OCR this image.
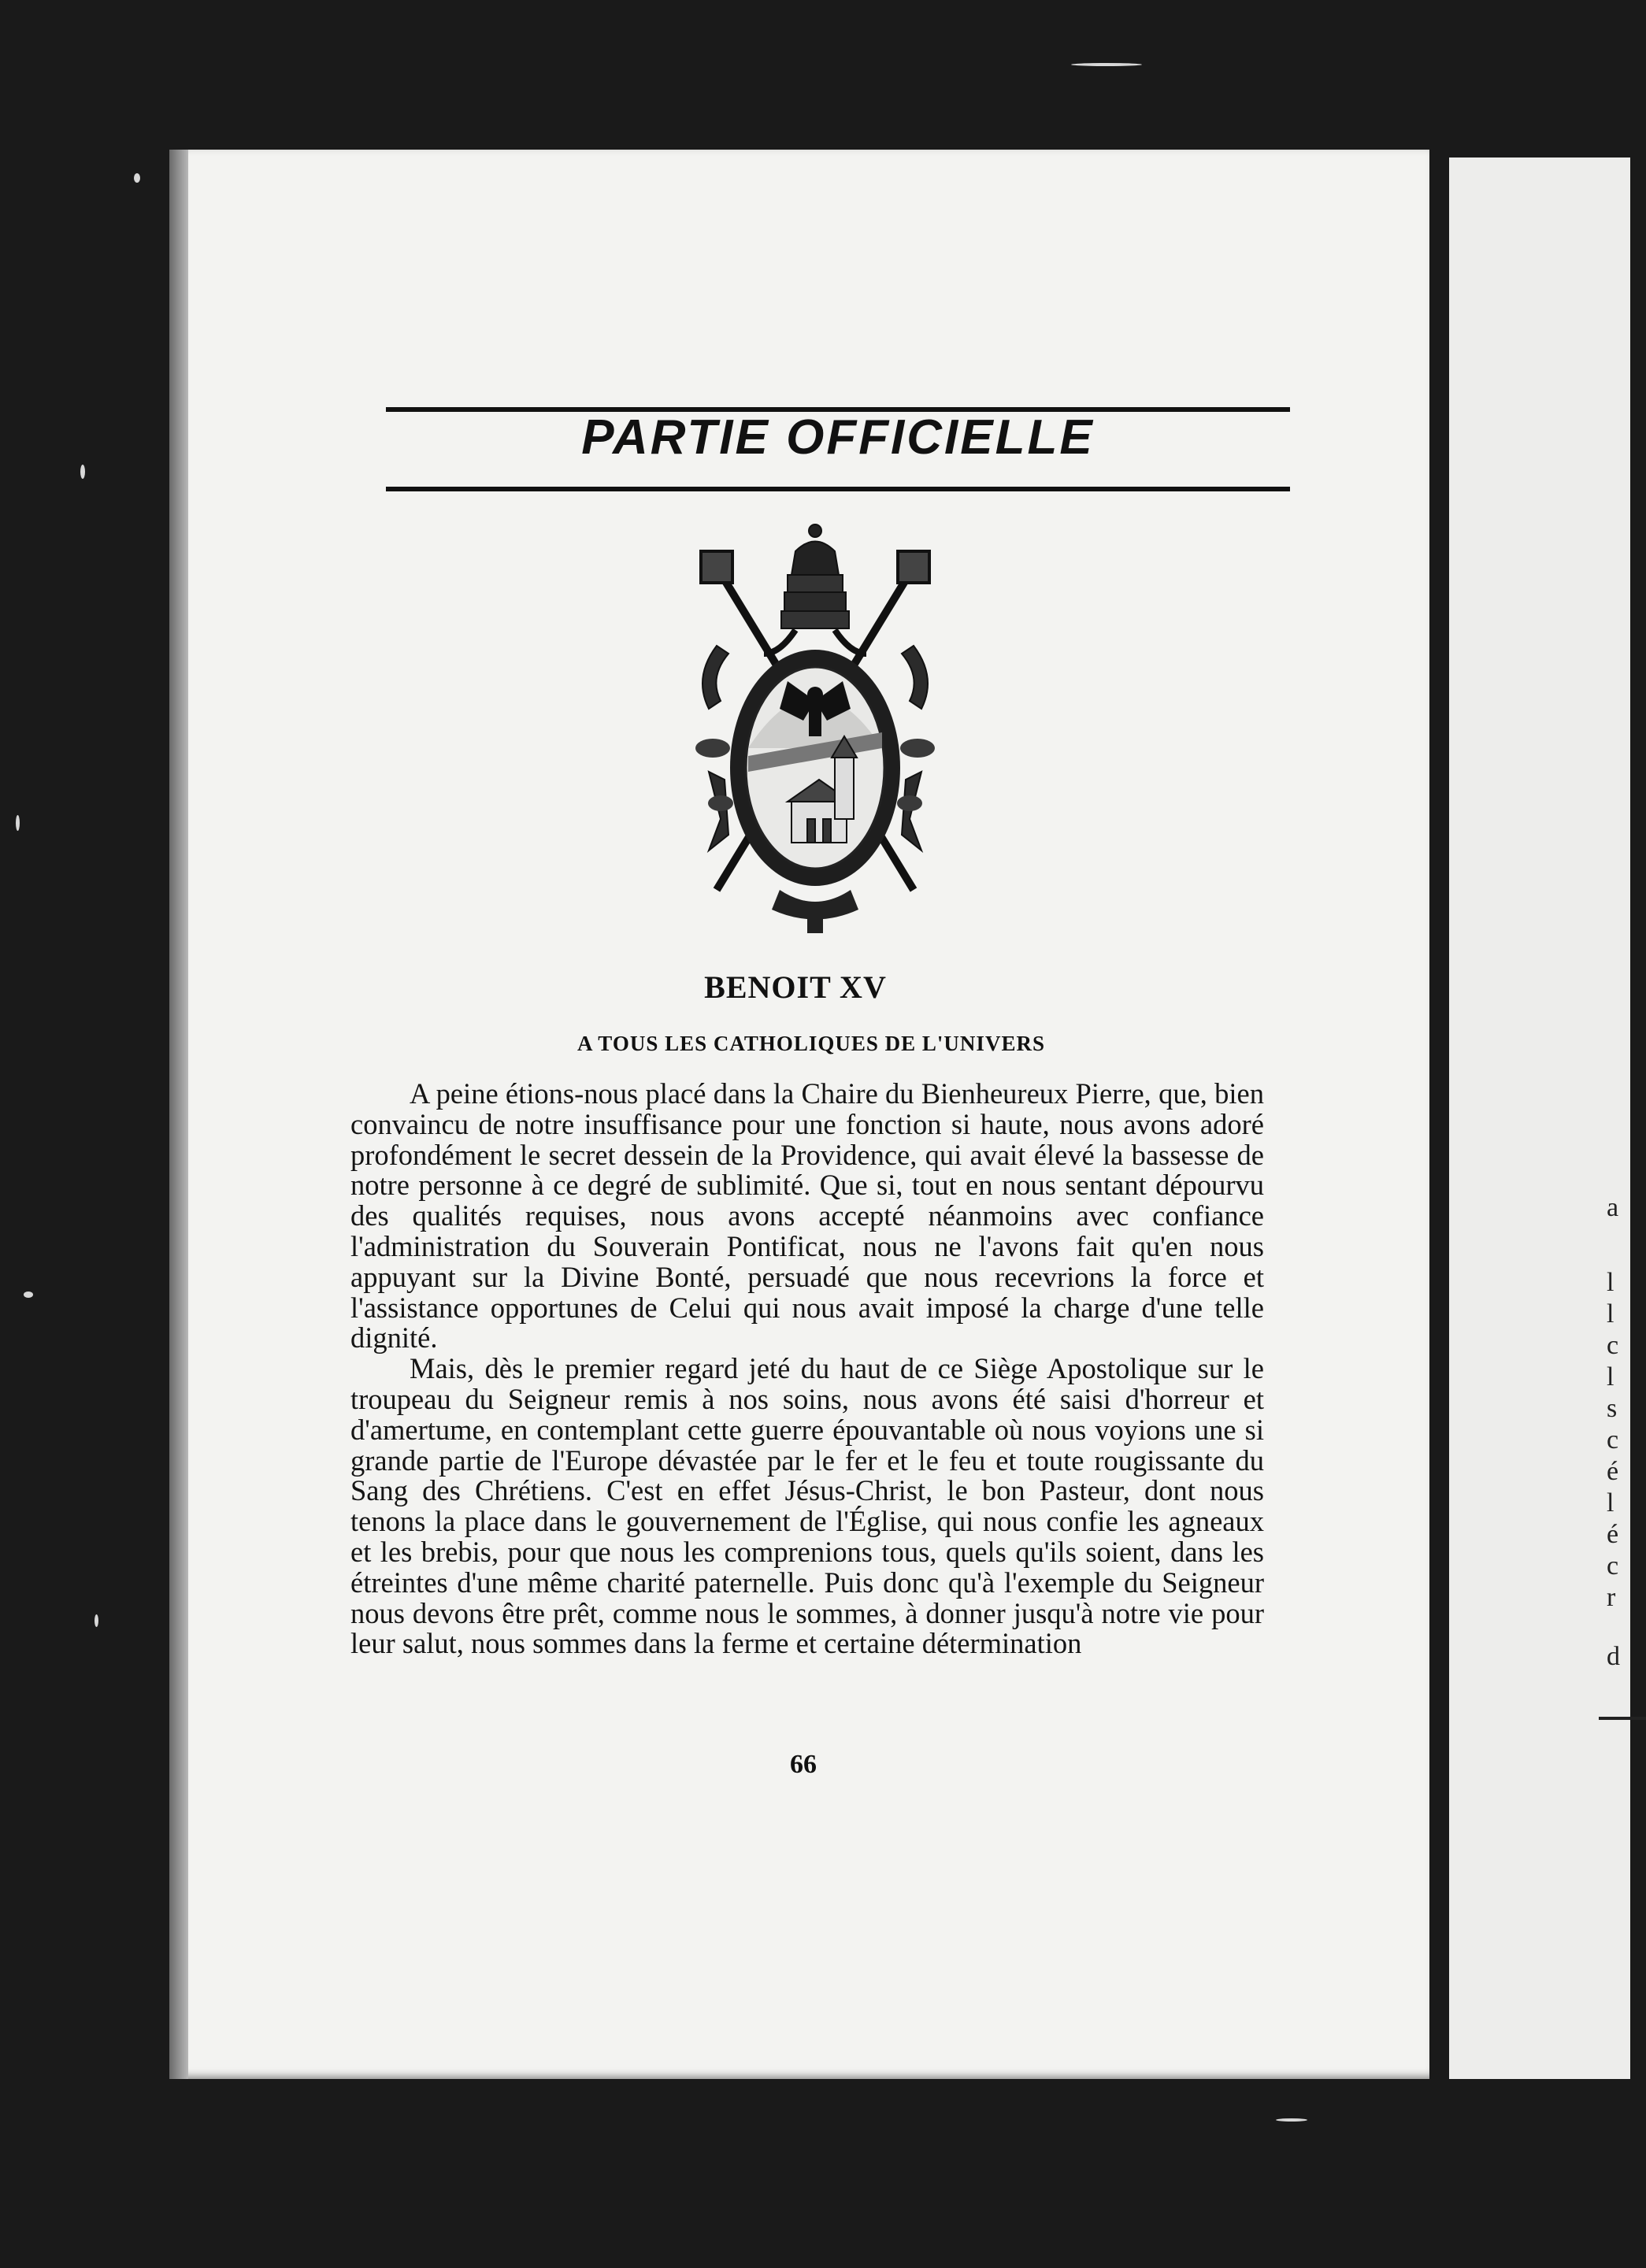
a
l
l
c
l
s
c
é
l
é
c
r
d
PARTIE OFFICIELLE
BENOIT XV
A TOUS LES CATHOLIQUES DE L'UNIVERS

A peine étions-nous placé dans la Chaire du Bienheureux Pierre, que, bien convaincu de notre insuffisance pour une fonction si haute, nous avons adoré profondément le secret dessein de la Providence, qui avait élevé la bassesse de notre personne à ce degré de sublimité. Que si, tout en nous sentant dépourvu des qualités requises, nous avons accepté néanmoins avec confiance l'administration du Souverain Pontificat, nous ne l'avons fait qu'en nous appuyant sur la Divine Bonté, persuadé que nous recevrions la force et l'assistance opportunes de Celui qui nous avait imposé la charge d'une telle dignité.

Mais, dès le premier regard jeté du haut de ce Siège Apostolique sur le troupeau du Seigneur remis à nos soins, nous avons été saisi d'horreur et d'amertume, en contemplant cette guerre épouvantable où nous voyions une si grande partie de l'Europe dévastée par le fer et le feu et toute rougissante du Sang des Chrétiens. C'est en effet Jésus-Christ, le bon Pasteur, dont nous tenons la place dans le gouvernement de l'Église, qui nous confie les agneaux et les brebis, pour que nous les comprenions tous, quels qu'ils soient, dans les étreintes d'une même charité paternelle. Puis donc qu'à l'exemple du Seigneur nous devons être prêt, comme nous le sommes, à donner jusqu'à notre vie pour leur salut, nous sommes dans la ferme et certaine détermination

66
